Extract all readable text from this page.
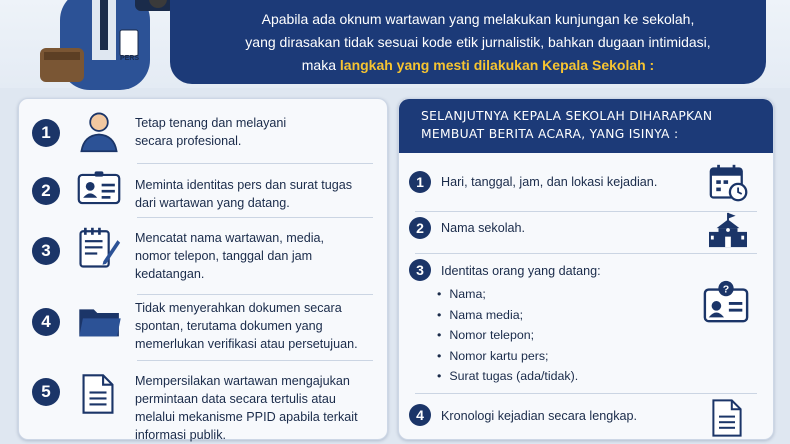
PERS
Apabila ada oknum wartawan yang melakukan kunjungan ke sekolah,
yang dirasakan tidak sesuai kode etik jurnalistik, bahkan dugaan intimidasi,
maka langkah yang mesti dilakukan Kepala Sekolah :
1	Tetap tenang dan melayani
secara profesional.
2	Meminta identitas pers dan surat tugas
dari wartawan yang datang.
3
Mencatat nama wartawan, media,
nomor telepon, tanggal dan jam
kedatangan.
4
Tidak menyerahkan dokumen secara
spontan, terutama dokumen yang
memerlukan verifikasi atau persetujuan.
5
Mempersilakan wartawan mengajukan
permintaan data secara tertulis atau
melalui mekanisme PPID apabila terkait
informasi publik.
SELANJUTNYA KEPALA SEKOLAH DIHARAPKAN
MEMBUAT BERITA ACARA, YANG ISINYA :
1	Hari, tanggal, jam, dan lokasi kejadian.
2	Nama sekolah.
3	Identitas orang yang datang:
• Nama;
• Nama media;
• Nomor telepon;
• Nomor kartu pers;
• Surat tugas (ada/tidak).
?
4	Kronologi kejadian secara lengkap.
